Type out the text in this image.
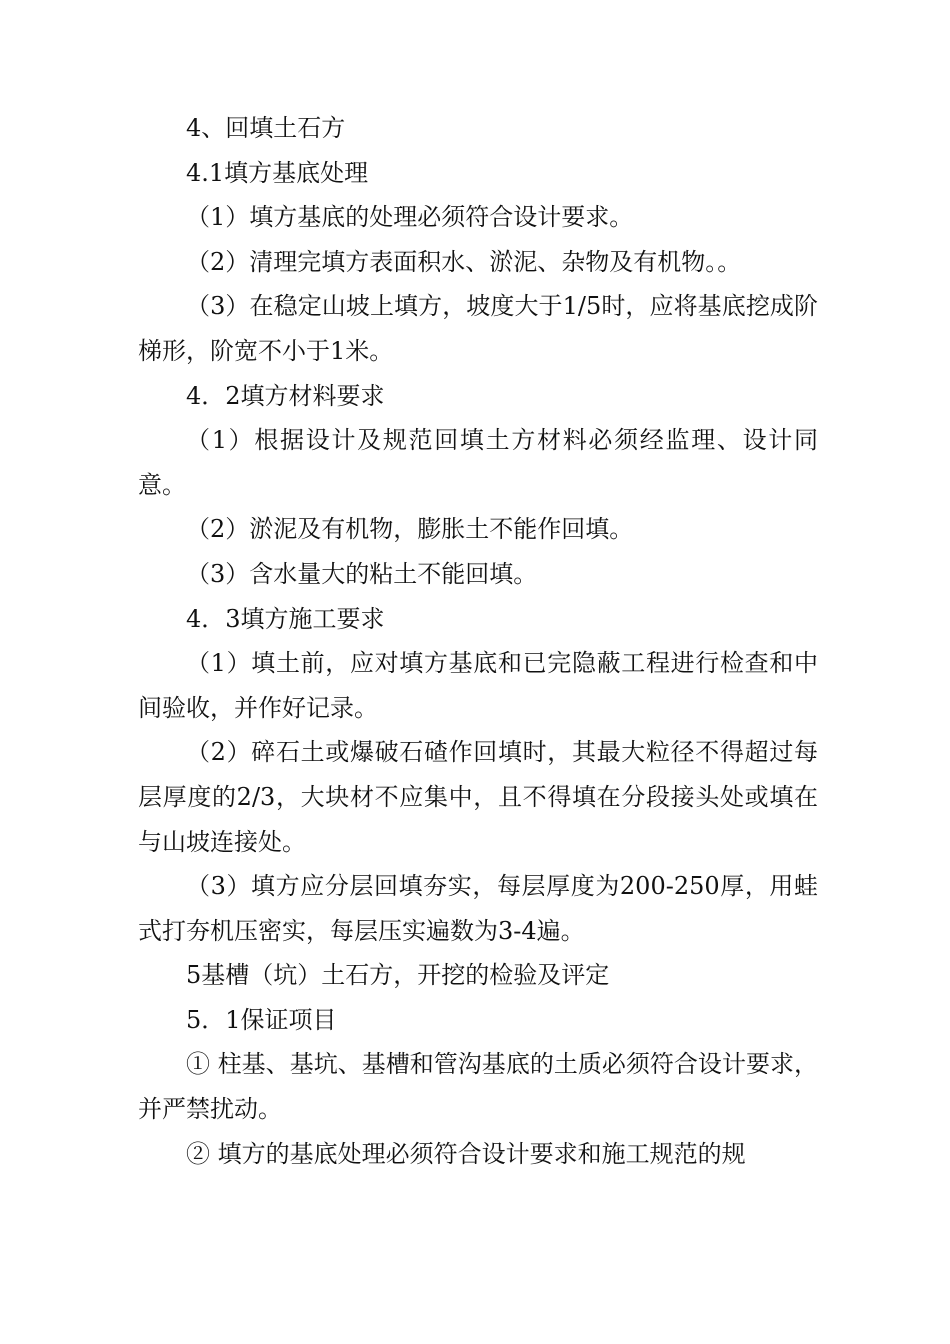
4、回填土石方

4.1填方基底处理

（1）填方基底的处理必须符合设计要求。

（2）清理完填方表面积水、淤泥、杂物及有机物。。

（3）在稳定山坡上填方，坡度大于1/5时，应将基底挖成阶梯形，阶宽不小于1米。

4．2填方材料要求

（1）根据设计及规范回填土方材料必须经监理、设计同意。

（2）淤泥及有机物，膨胀土不能作回填。

（3）含水量大的粘土不能回填。

4．3填方施工要求

（1）填土前，应对填方基底和已完隐蔽工程进行检查和中间验收，并作好记录。

（2）碎石土或爆破石碴作回填时，其最大粒径不得超过每层厚度的2/3，大块材不应集中，且不得填在分段接头处或填在与山坡连接处。

（3）填方应分层回填夯实，每层厚度为200-250厚，用蛙式打夯机压密实，每层压实遍数为3-4遍。

5基槽（坑）土石方，开挖的检验及评定

5．1保证项目

① 柱基、基坑、基槽和管沟基底的土质必须符合设计要求，并严禁扰动。

② 填方的基底处理必须符合设计要求和施工规范的规
